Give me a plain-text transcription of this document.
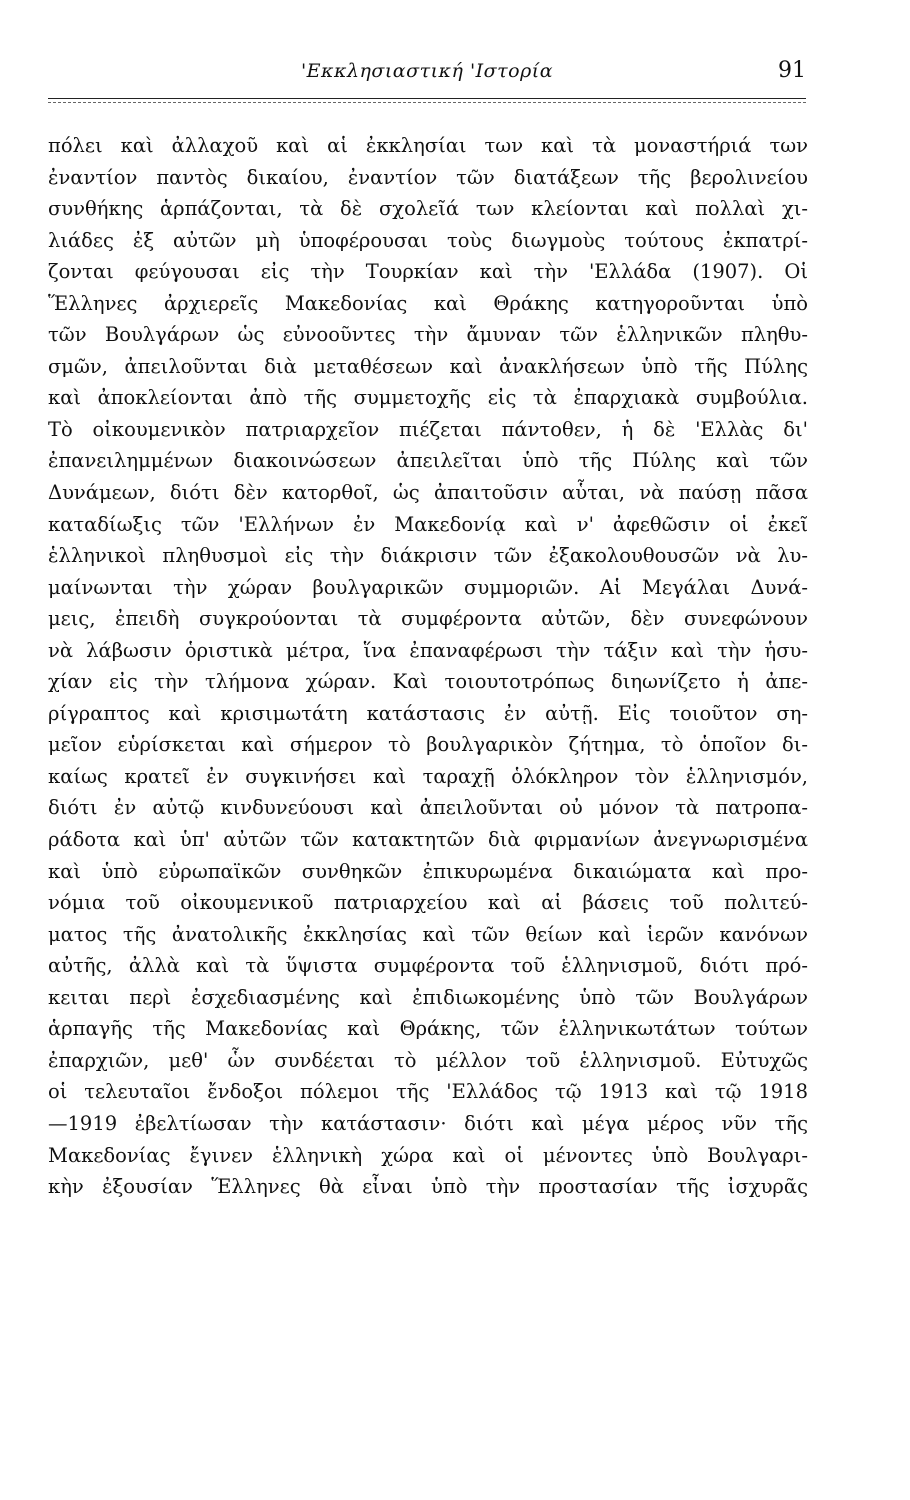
'Εκκλησιαστική 'Ιστορία	91
πόλει καὶ ἀλλαχοῦ καὶ αἱ ἐκκλησίαι των καὶ τὰ μοναστήριά των
ἐναντίον παντὸς δικαίου, ἐναντίον τῶν διατάξεων τῆς βερολινείου
συνθήκης ἁρπάζονται, τὰ δὲ σχολεῖά των κλείονται καὶ πολλαὶ χι-
λιάδες ἐξ αὐτῶν μὴ ὑποφέρουσαι τοὺς διωγμοὺς τούτους ἐκπατρί-
ζονται φεύγουσαι εἰς τὴν Τουρκίαν καὶ τὴν 'Ελλάδα (1907). Οἱ
Ἕλληνες ἀρχιερεῖς Μακεδονίας καὶ Θράκης κατηγοροῦνται ὑπὸ
τῶν Βουλγάρων ὡς εὐνοοῦντες τὴν ἄμυναν τῶν ἑλληνικῶν πληθυ-
σμῶν, ἀπειλοῦνται διὰ μεταθέσεων καὶ ἀνακλήσεων ὑπὸ τῆς Πύλης
καὶ ἀποκλείονται ἀπὸ τῆς συμμετοχῆς εἰς τὰ ἐπαρχιακὰ συμβούλια.
Τὸ οἰκουμενικὸν πατριαρχεῖον πιέζεται πάντοθεν, ἡ δὲ 'Ελλὰς δι'
ἐπανειλημμένων διακοινώσεων ἀπειλεῖται ὑπὸ τῆς Πύλης καὶ τῶν
Δυνάμεων, διότι δὲν κατορθοῖ, ὡς ἀπαιτοῦσιν αὗται, νὰ παύσῃ πᾶσα
καταδίωξις τῶν 'Ελλήνων ἐν Μακεδονίᾳ καὶ ν' ἀφεθῶσιν οἱ ἐκεῖ
ἑλληνικοὶ πληθυσμοὶ εἰς τὴν διάκρισιν τῶν ἐξακολουθουσῶν νὰ λυ-
μαίνωνται τὴν χώραν βουλγαρικῶν συμμοριῶν. Αἱ Μεγάλαι Δυνά-
μεις, ἐπειδὴ συγκρούονται τὰ συμφέροντα αὐτῶν, δὲν συνεφώνουν
νὰ λάβωσιν ὁριστικὰ μέτρα, ἵνα ἐπαναφέρωσι τὴν τάξιν καὶ τὴν ἡσυ-
χίαν εἰς τὴν τλήμονα χώραν. Καὶ τοιουτοτρόπως διηωνίζετο ἡ ἀπε-
ρίγραπτος καὶ κρισιμωτάτη κατάστασις ἐν αὐτῇ. Εἰς τοιοῦτον ση-
μεῖον εὑρίσκεται καὶ σήμερον τὸ βουλγαρικὸν ζήτημα, τὸ ὁποῖον δι-
καίως κρατεῖ ἐν συγκινήσει καὶ ταραχῇ ὁλόκληρον τὸν ἑλληνισμόν,
διότι ἐν αὐτῷ κινδυνεύουσι καὶ ἀπειλοῦνται οὐ μόνον τὰ πατροπα-
ράδοτα καὶ ὑπ' αὐτῶν τῶν κατακτητῶν διὰ φιρμανίων ἀνεγνωρισμένα
καὶ ὑπὸ εὐρωπαϊκῶν συνθηκῶν ἐπικυρωμένα δικαιώματα καὶ προ-
νόμια τοῦ οἰκουμενικοῦ πατριαρχείου καὶ αἱ βάσεις τοῦ πολιτεύ-
ματος τῆς ἀνατολικῆς ἐκκλησίας καὶ τῶν θείων καὶ ἱερῶν κανόνων
αὐτῆς, ἀλλὰ καὶ τὰ ὕψιστα συμφέροντα τοῦ ἑλληνισμοῦ, διότι πρό-
κειται περὶ ἐσχεδιασμένης καὶ ἐπιδιωκομένης ὑπὸ τῶν Βουλγάρων
ἁρπαγῆς τῆς Μακεδονίας καὶ Θράκης, τῶν ἑλληνικωτάτων τούτων
ἐπαρχιῶν, μεθ' ὧν συνδέεται τὸ μέλλον τοῦ ἑλληνισμοῦ. Εὐτυχῶς
οἱ τελευταῖοι ἔνδοξοι πόλεμοι τῆς 'Ελλάδος τῷ 1913 καὶ τῷ 1918
—1919 ἐβελτίωσαν τὴν κατάστασιν· διότι καὶ μέγα μέρος νῦν τῆς
Μακεδονίας ἔγινεν ἑλληνικὴ χώρα καὶ οἱ μένοντες ὑπὸ Βουλγαρι-
κὴν ἐξουσίαν Ἕλληνες θὰ εἶναι ὑπὸ τὴν προστασίαν τῆς ἰσχυρᾶς
